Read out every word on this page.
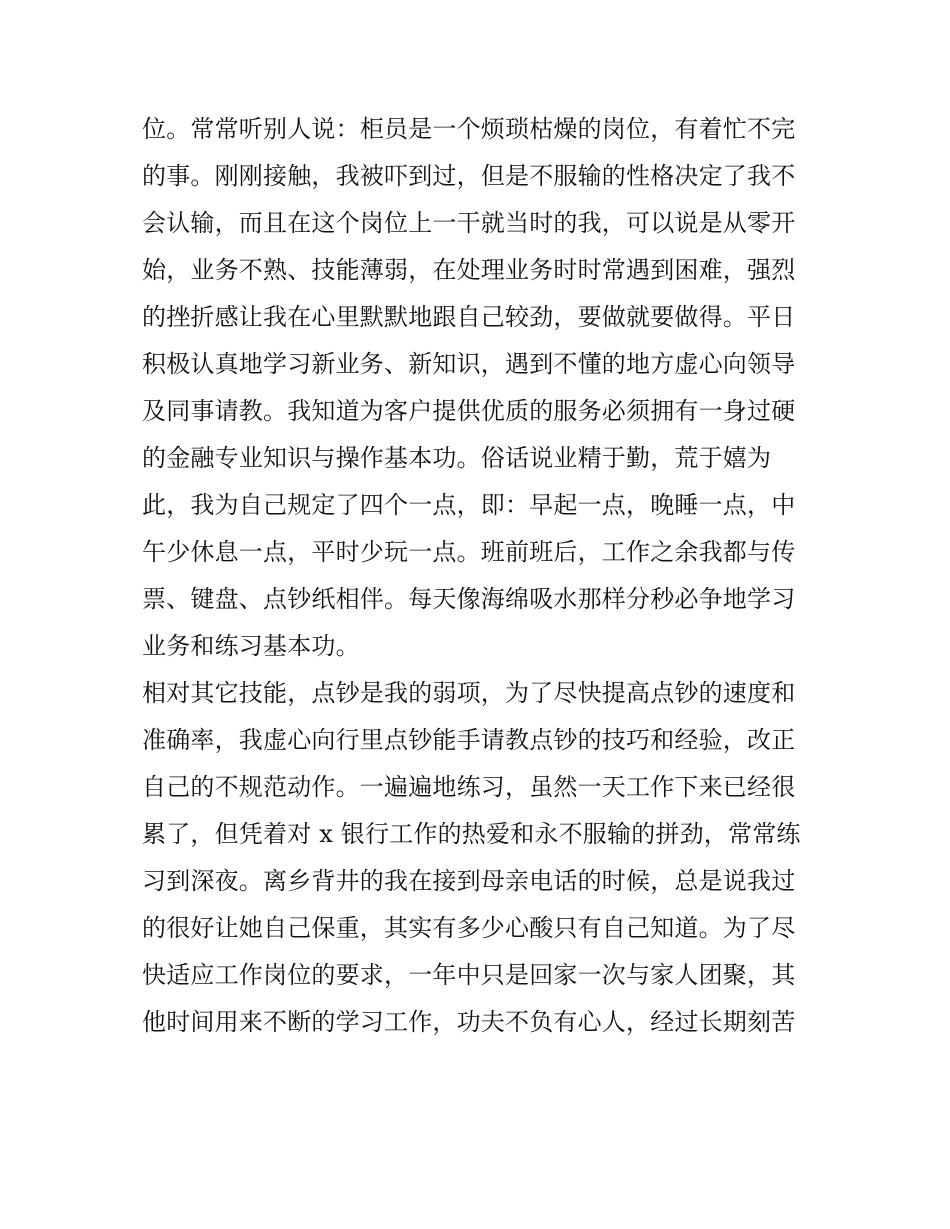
位。常常听别人说：柜员是一个烦琐枯燥的岗位，有着忙不完
的事。刚刚接触，我被吓到过，但是不服输的性格决定了我不
会认输，而且在这个岗位上一干就当时的我，可以说是从零开
始，业务不熟、技能薄弱，在处理业务时时常遇到困难，强烈
的挫折感让我在心里默默地跟自己较劲，要做就要做得。平日
积极认真地学习新业务、新知识，遇到不懂的地方虚心向领导
及同事请教。我知道为客户提供优质的服务必须拥有一身过硬
的金融专业知识与操作基本功。俗话说业精于勤，荒于嬉为
此，我为自己规定了四个一点，即：早起一点，晚睡一点，中
午少休息一点，平时少玩一点。班前班后，工作之余我都与传
票、键盘、点钞纸相伴。每天像海绵吸水那样分秒必争地学习
业务和练习基本功。
相对其它技能，点钞是我的弱项，为了尽快提高点钞的速度和
准确率，我虚心向行里点钞能手请教点钞的技巧和经验，改正
自己的不规范动作。一遍遍地练习，虽然一天工作下来已经很
累了，但凭着对 x 银行工作的热爱和永不服输的拼劲，常常练
习到深夜。离乡背井的我在接到母亲电话的时候，总是说我过
的很好让她自己保重，其实有多少心酸只有自己知道。为了尽
快适应工作岗位的要求，一年中只是回家一次与家人团聚，其
他时间用来不断的学习工作，功夫不负有心人，经过长期刻苦
